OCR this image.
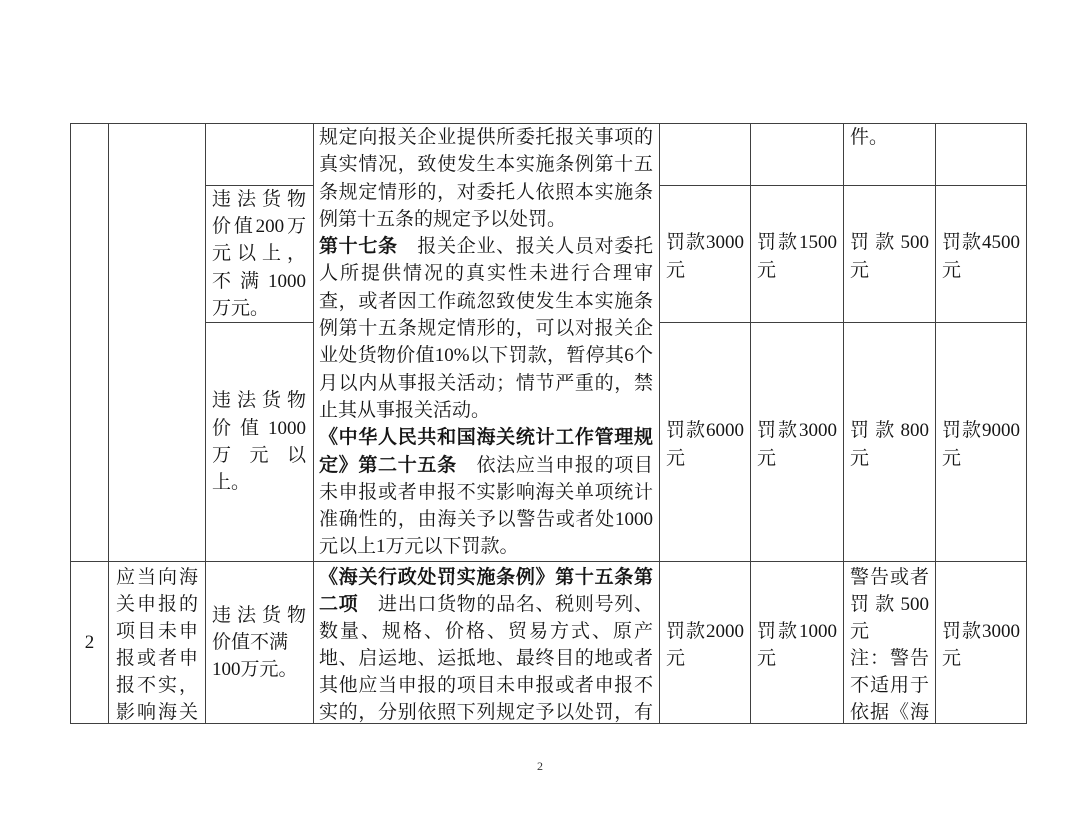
规定向报关企业提供所委托报关事项的
真实情况，致使发生本实施条例第十五
条规定情形的，对委托人依照本实施条
例第十五条的规定予以处罚。
第十七条　报关企业、报关人员对委托
人所提供情况的真实性未进行合理审
查，或者因工作疏忽致使发生本实施条
例第十五条规定情形的，可以对报关企
业处货物价值10%以下罚款，暂停其6个
月以内从事报关活动；情节严重的，禁
止其从事报关活动。
《中华人民共和国海关统计工作管理规
定》第二十五条　依法应当申报的项目
未申报或者申报不实影响海关单项统计
准确性的，由海关予以警告或者处1000
元以上1万元以下罚款。
件。
违法货物
价值200万
元以上，
不满1000
万元。
罚款3000
元
罚款1500
元
罚款500
元
罚款4500
元
违法货物
价值1000
万元以
上。
罚款6000
元
罚款3000
元
罚款800
元
罚款9000
元
2
应当向海
关申报的
项目未申
报或者申
报不实，
影响海关
违法货物
价值不满
100万元。
《海关行政处罚实施条例》第十五条第
二项　进出口货物的品名、税则号列、
数量、规格、价格、贸易方式、原产
地、启运地、运抵地、最终目的地或者
其他应当申报的项目未申报或者申报不
实的，分别依照下列规定予以处罚，有
罚款2000
元
罚款1000
元
警告或者
罚款500
元
注：警告
不适用于
依据《海
罚款3000
元
2
